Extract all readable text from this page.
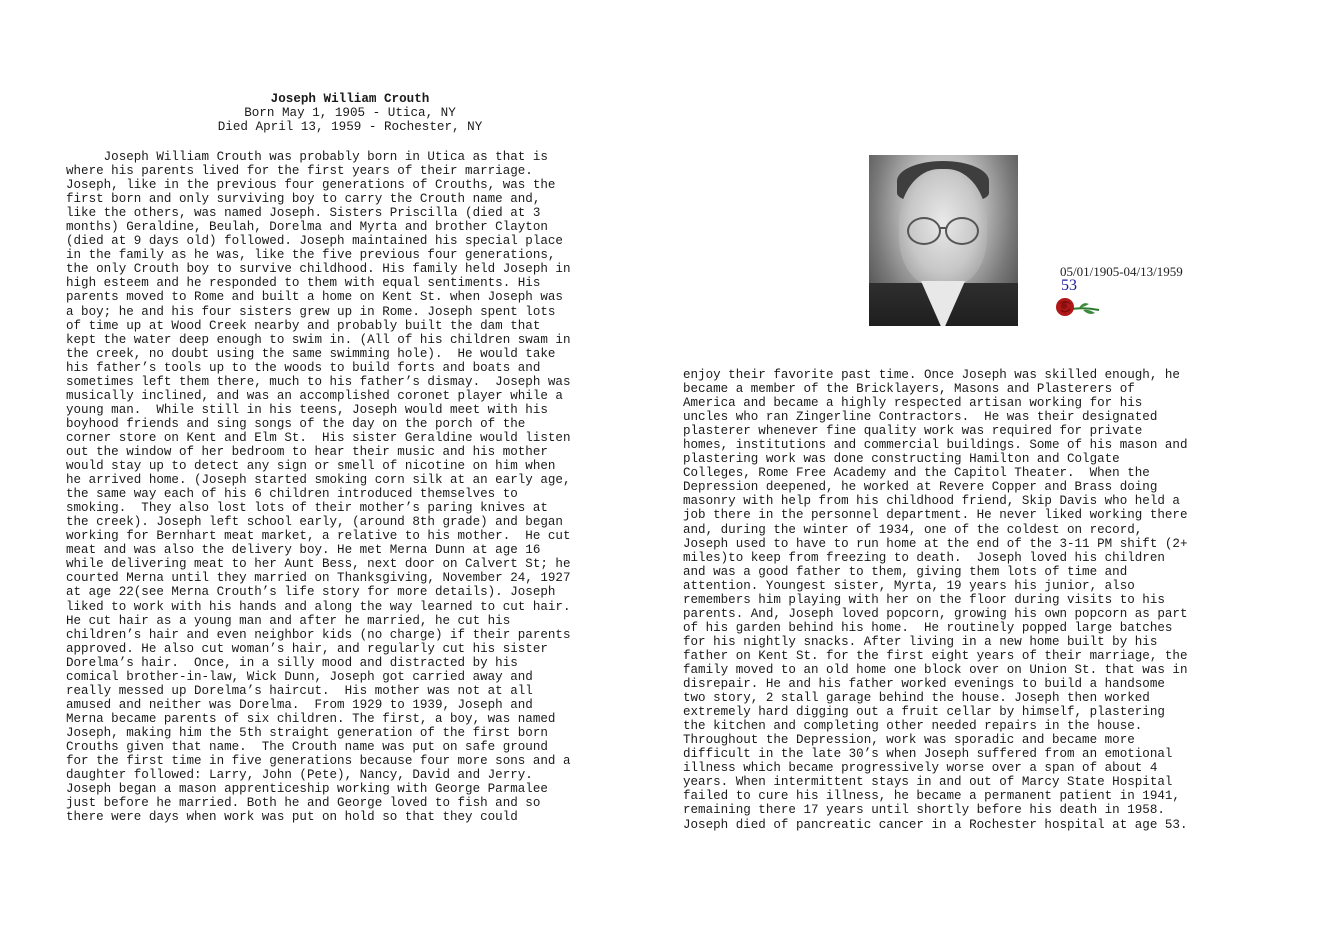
Joseph William Crouth
Born May 1, 1905 - Utica, NY
Died April 13, 1959 - Rochester, NY
Joseph William Crouth was probably born in Utica as that is
where his parents lived for the first years of their marriage.
Joseph, like in the previous four generations of Crouths, was the
first born and only surviving boy to carry the Crouth name and,
like the others, was named Joseph. Sisters Priscilla (died at 3
months) Geraldine, Beulah, Dorelma and Myrta and brother Clayton
(died at 9 days old) followed. Joseph maintained his special place
in the family as he was, like the five previous four generations,
the only Crouth boy to survive childhood. His family held Joseph in
high esteem and he responded to them with equal sentiments. His
parents moved to Rome and built a home on Kent St. when Joseph was
a boy; he and his four sisters grew up in Rome. Joseph spent lots
of time up at Wood Creek nearby and probably built the dam that
kept the water deep enough to swim in. (All of his children swam in
the creek, no doubt using the same swimming hole).  He would take
his father’s tools up to the woods to build forts and boats and
sometimes left them there, much to his father’s dismay.  Joseph was
musically inclined, and was an accomplished coronet player while a
young man.  While still in his teens, Joseph would meet with his
boyhood friends and sing songs of the day on the porch of the
corner store on Kent and Elm St.  His sister Geraldine would listen
out the window of her bedroom to hear their music and his mother
would stay up to detect any sign or smell of nicotine on him when
he arrived home. (Joseph started smoking corn silk at an early age,
the same way each of his 6 children introduced themselves to
smoking.  They also lost lots of their mother’s paring knives at
the creek). Joseph left school early, (around 8th grade) and began
working for Bernhart meat market, a relative to his mother.  He cut
meat and was also the delivery boy. He met Merna Dunn at age 16
while delivering meat to her Aunt Bess, next door on Calvert St; he
courted Merna until they married on Thanksgiving, November 24, 1927
at age 22(see Merna Crouth’s life story for more details). Joseph
liked to work with his hands and along the way learned to cut hair.
He cut hair as a young man and after he married, he cut his
children’s hair and even neighbor kids (no charge) if their parents
approved. He also cut woman’s hair, and regularly cut his sister
Dorelma’s hair.  Once, in a silly mood and distracted by his
comical brother-in-law, Wick Dunn, Joseph got carried away and
really messed up Dorelma’s haircut.  His mother was not at all
amused and neither was Dorelma.  From 1929 to 1939, Joseph and
Merna became parents of six children. The first, a boy, was named
Joseph, making him the 5th straight generation of the first born
Crouths given that name.  The Crouth name was put on safe ground
for the first time in five generations because four more sons and a
daughter followed: Larry, John (Pete), Nancy, David and Jerry.
Joseph began a mason apprenticeship working with George Parmalee
just before he married. Both he and George loved to fish and so
there were days when work was put on hold so that they could
enjoy their favorite past time. Once Joseph was skilled enough, he
became a member of the Bricklayers, Masons and Plasterers of
America and became a highly respected artisan working for his
uncles who ran Zingerline Contractors.  He was their designated
plasterer whenever fine quality work was required for private
homes, institutions and commercial buildings. Some of his mason and
plastering work was done constructing Hamilton and Colgate
Colleges, Rome Free Academy and the Capitol Theater.  When the
Depression deepened, he worked at Revere Copper and Brass doing
masonry with help from his childhood friend, Skip Davis who held a
job there in the personnel department. He never liked working there
and, during the winter of 1934, one of the coldest on record,
Joseph used to have to run home at the end of the 3-11 PM shift (2+
miles)to keep from freezing to death.  Joseph loved his children
and was a good father to them, giving them lots of time and
attention. Youngest sister, Myrta, 19 years his junior, also
remembers him playing with her on the floor during visits to his
parents. And, Joseph loved popcorn, growing his own popcorn as part
of his garden behind his home.  He routinely popped large batches
for his nightly snacks. After living in a new home built by his
father on Kent St. for the first eight years of their marriage, the
family moved to an old home one block over on Union St. that was in
disrepair. He and his father worked evenings to build a handsome
two story, 2 stall garage behind the house. Joseph then worked
extremely hard digging out a fruit cellar by himself, plastering
the kitchen and completing other needed repairs in the house.
Throughout the Depression, work was sporadic and became more
difficult in the late 30’s when Joseph suffered from an emotional
illness which became progressively worse over a span of about 4
years. When intermittent stays in and out of Marcy State Hospital
failed to cure his illness, he became a permanent patient in 1941,
remaining there 17 years until shortly before his death in 1958.
Joseph died of pancreatic cancer in a Rochester hospital at age 53.
05/01/1905-04/13/1959
53
